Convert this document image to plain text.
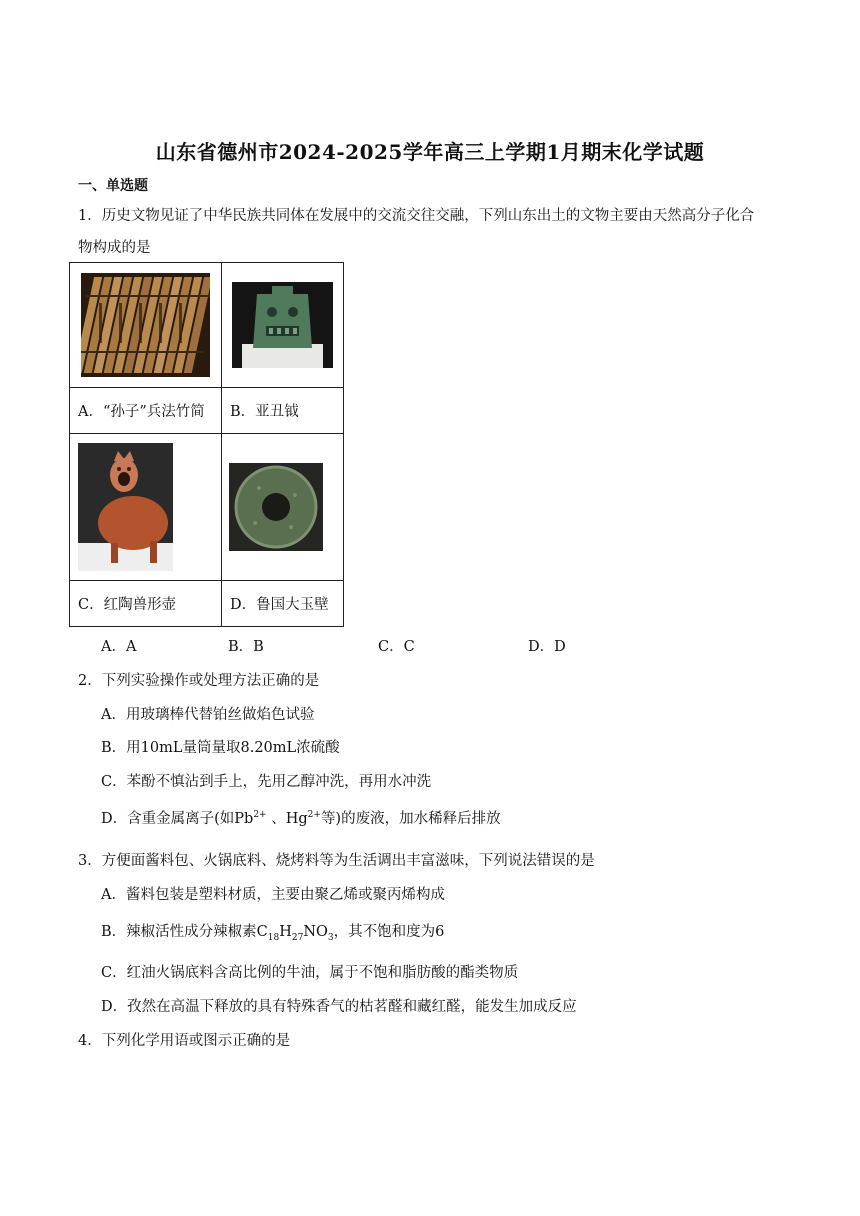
山东省德州市2024-2025学年高三上学期1月期末化学试题
一、单选题
1．历史文物见证了中华民族共同体在发展中的交流交往交融，下列山东出土的文物主要由天然高分子化合
物构成的是

A．“孙子”兵法竹简	B．亚丑钺

C．红陶兽形壶	D．鲁国大玉壁
A．A	B．B	C．C	D．D
2．下列实验操作或处理方法正确的是
A．用玻璃棒代替铂丝做焰色试验
B．用10mL量筒量取8.20mL浓硫酸
C．苯酚不慎沾到手上，先用乙醇冲洗，再用水冲洗
D．含重金属离子(如$Pb^{2+}$ 、$Hg^{2+}$等)的废液，加水稀释后排放
3．方便面酱料包、火锅底料、烧烤料等为生活调出丰富滋味，下列说法错误的是
A．酱料包装是塑料材质，主要由聚乙烯或聚丙烯构成
B．辣椒活性成分辣椒素$C_{18}H_{27}NO_3$，其不饱和度为6
C．红油火锅底料含高比例的牛油，属于不饱和脂肪酸的酯类物质
D．孜然在高温下释放的具有特殊香气的枯茗醛和藏红醛，能发生加成反应
4．下列化学用语或图示正确的是
